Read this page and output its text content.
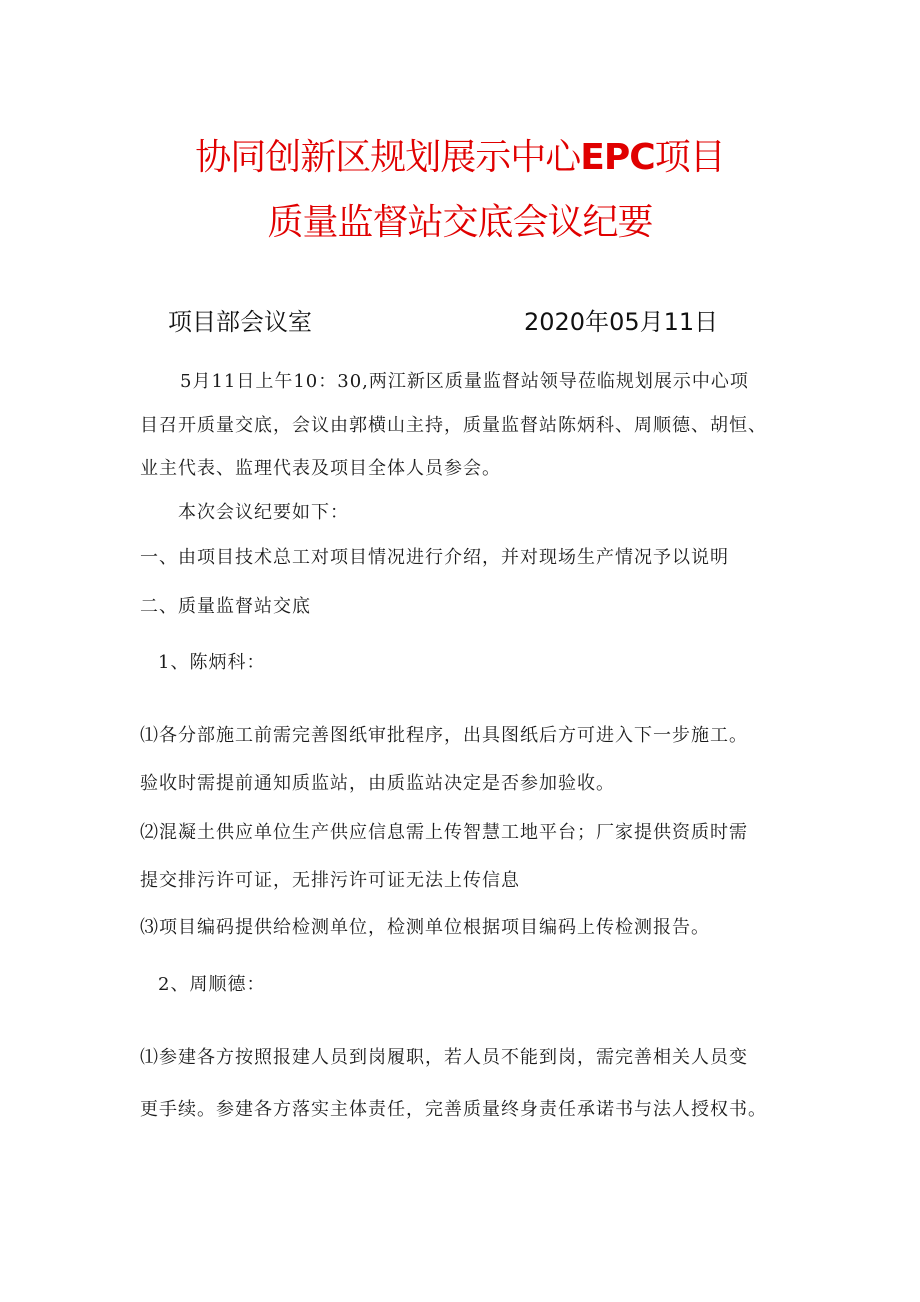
协同创新区规划展示中心EPC项目
质量监督站交底会议纪要
项目部会议室	2020年05月11日
5月11日上午10：30,两江新区质量监督站领导莅临规划展示中心项
目召开质量交底，会议由郭横山主持，质量监督站陈炳科、周顺德、胡恒、
业主代表、监理代表及项目全体人员参会。
本次会议纪要如下：
一、由项目技术总工对项目情况进行介绍，并对现场生产情况予以说明
二、质量监督站交底
1、陈炳科：
⑴各分部施工前需完善图纸审批程序，出具图纸后方可进入下一步施工。
验收时需提前通知质监站，由质监站决定是否参加验收。
⑵混凝土供应单位生产供应信息需上传智慧工地平台；厂家提供资质时需
提交排污许可证，无排污许可证无法上传信息
⑶项目编码提供给检测单位，检测单位根据项目编码上传检测报告。
2、周顺德：
⑴参建各方按照报建人员到岗履职，若人员不能到岗，需完善相关人员变
更手续。参建各方落实主体责任，完善质量终身责任承诺书与法人授权书。
